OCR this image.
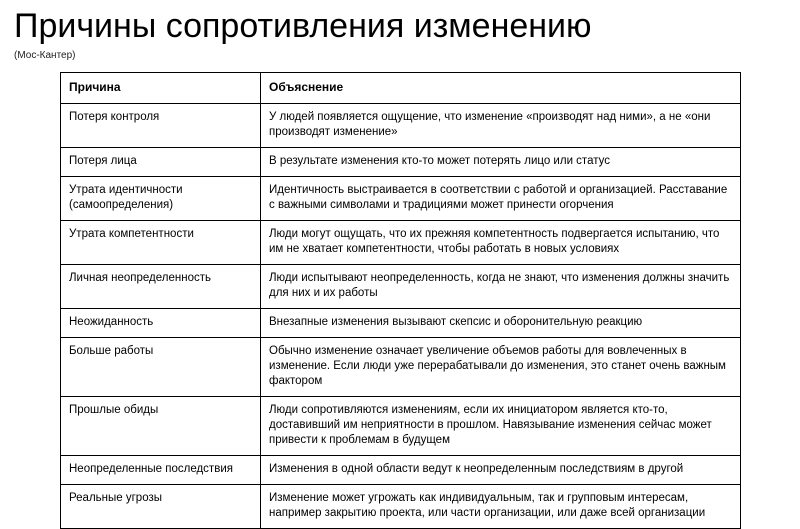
Причины сопротивления изменению
(Мос-Кантер)
Причина	Объяснение
Потеря контроля	У людей появляется ощущение, что изменение «производят над ними», а не «они производят изменение»
Потеря лица	В результате изменения кто-то может потерять лицо или статус
Утрата идентичности (самоопределения)	Идентичность выстраивается в соответствии с работой и организацией. Расставание с важными символами и традициями может принести огорчения
Утрата компетентности	Люди могут ощущать, что их прежняя компетентность подвергается испытанию, что им не хватает компетентности, чтобы работать в новых условиях
Личная неопределенность	Люди испытывают неопределенность, когда не знают, что изменения должны значить для них и их работы
Неожиданность	Внезапные изменения вызывают скепсис и оборонительную реакцию
Больше работы	Обычно изменение означает увеличение объемов работы для вовлеченных в изменение. Если люди уже перерабатывали до изменения, это станет очень важным фактором
Прошлые обиды	Люди сопротивляются изменениям, если их инициатором является кто-то, доставивший им неприятности в прошлом. Навязывание изменения сейчас может привести к проблемам в будущем
Неопределенные последствия	Изменения в одной области ведут к неопределенным последствиям в другой
Реальные угрозы	Изменение может угрожать как индивидуальным, так и групповым интересам, например закрытию проекта, или части организации, или даже всей организации
